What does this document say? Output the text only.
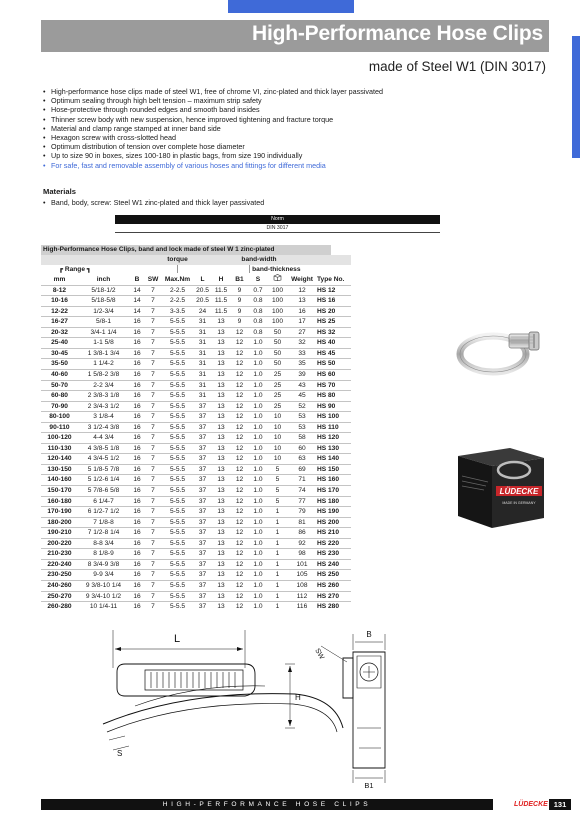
High-Performance Hose Clips
made of Steel W1 (DIN 3017)
• High-performance hose clips made of steel W1, free of chrome VI, zinc-plated and thick layer passivated
• Optimum sealing through high belt tension – maximum strip safety
• Hose-protective through rounded edges and smooth band insides
• Thinner screw body with new suspension, hence improved tightening and fracture torque
• Material and clamp range stamped at inner band side
• Hexagon screw with cross-slotted head
• Optimum distribution of tension over complete hose diameter
• Up to size 90 in boxes, sizes 100-180 in plastic bags, from size 190 individually
• For safe, fast and removable assembly of various hoses and fittings for different media
Materials
• Band, body, screw: Steel W1 zinc-plated and thick layer passivated
Norm
DIN 3017
High-Performance Hose Clips, band and lock made of steel W 1 zinc-plated
				torque			band-width				
┏ Range ┓				│				│band-thickness			
mm	inch	B	SW	Max.Nm	L	H	B1	S		Weight	Type No.
8-12	5/18-1/2	14	7	2-2.5	20.5	11.5	9	0.7	100	12	HS 12
10-16	5/18-5/8	14	7	2-2.5	20.5	11.5	9	0.8	100	13	HS 16
12-22	1/2-3/4	14	7	3-3.5	24	11.5	9	0.8	100	16	HS 20
16-27	5/8-1	16	7	5-5.5	31	13	9	0.8	100	17	HS 25
20-32	3/4-1 1/4	16	7	5-5.5	31	13	12	0.8	50	27	HS 32
25-40	1-1 5/8	16	7	5-5.5	31	13	12	1.0	50	32	HS 40
30-45	1 3/8-1 3/4	16	7	5-5.5	31	13	12	1.0	50	33	HS 45
35-50	1 1/4-2	16	7	5-5.5	31	13	12	1.0	50	35	HS 50
40-60	1 5/8-2 3/8	16	7	5-5.5	31	13	12	1.0	25	39	HS 60
50-70	2-2 3/4	16	7	5-5.5	31	13	12	1.0	25	43	HS 70
60-80	2 3/8-3 1/8	16	7	5-5.5	31	13	12	1.0	25	45	HS 80
70-90	2 3/4-3 1/2	16	7	5-5.5	37	13	12	1.0	25	52	HS 90
80-100	3 1/8-4	16	7	5-5.5	37	13	12	1.0	10	53	HS 100
90-110	3 1/2-4 3/8	16	7	5-5.5	37	13	12	1.0	10	53	HS 110
100-120	4-4 3/4	16	7	5-5.5	37	13	12	1.0	10	58	HS 120
110-130	4 3/8-5 1/8	16	7	5-5.5	37	13	12	1.0	10	60	HS 130
120-140	4 3/4-5 1/2	16	7	5-5.5	37	13	12	1.0	10	63	HS 140
130-150	5 1/8-5 7/8	16	7	5-5.5	37	13	12	1.0	5	69	HS 150
140-160	5 1/2-6 1/4	16	7	5-5.5	37	13	12	1.0	5	71	HS 160
150-170	5 7/8-6 5/8	16	7	5-5.5	37	13	12	1.0	5	74	HS 170
160-180	6 1/4-7	16	7	5-5.5	37	13	12	1.0	5	77	HS 180
170-190	6 1/2-7 1/2	16	7	5-5.5	37	13	12	1.0	1	79	HS 190
180-200	7 1/8-8	16	7	5-5.5	37	13	12	1.0	1	81	HS 200
190-210	7 1/2-8 1/4	16	7	5-5.5	37	13	12	1.0	1	86	HS 210
200-220	8-8 3/4	16	7	5-5.5	37	13	12	1.0	1	92	HS 220
210-230	8 1/8-9	16	7	5-5.5	37	13	12	1.0	1	98	HS 230
220-240	8 3/4-9 3/8	16	7	5-5.5	37	13	12	1.0	1	101	HS 240
230-250	9-9 3/4	16	7	5-5.5	37	13	12	1.0	1	105	HS 250
240-260	9 3/8-10 1/4	16	7	5-5.5	37	13	12	1.0	1	108	HS 260
250-270	9 3/4-10 1/2	16	7	5-5.5	37	13	12	1.0	1	112	HS 270
260-280	10 1/4-11	16	7	5-5.5	37	13	12	1.0	1	116	HS 280
LÜDECKE
MADE IN GERMANY
L
H
B
SW
S
B1
HIGH-PERFORMANCE HOSE CLIPS	LÜDECKE 131
